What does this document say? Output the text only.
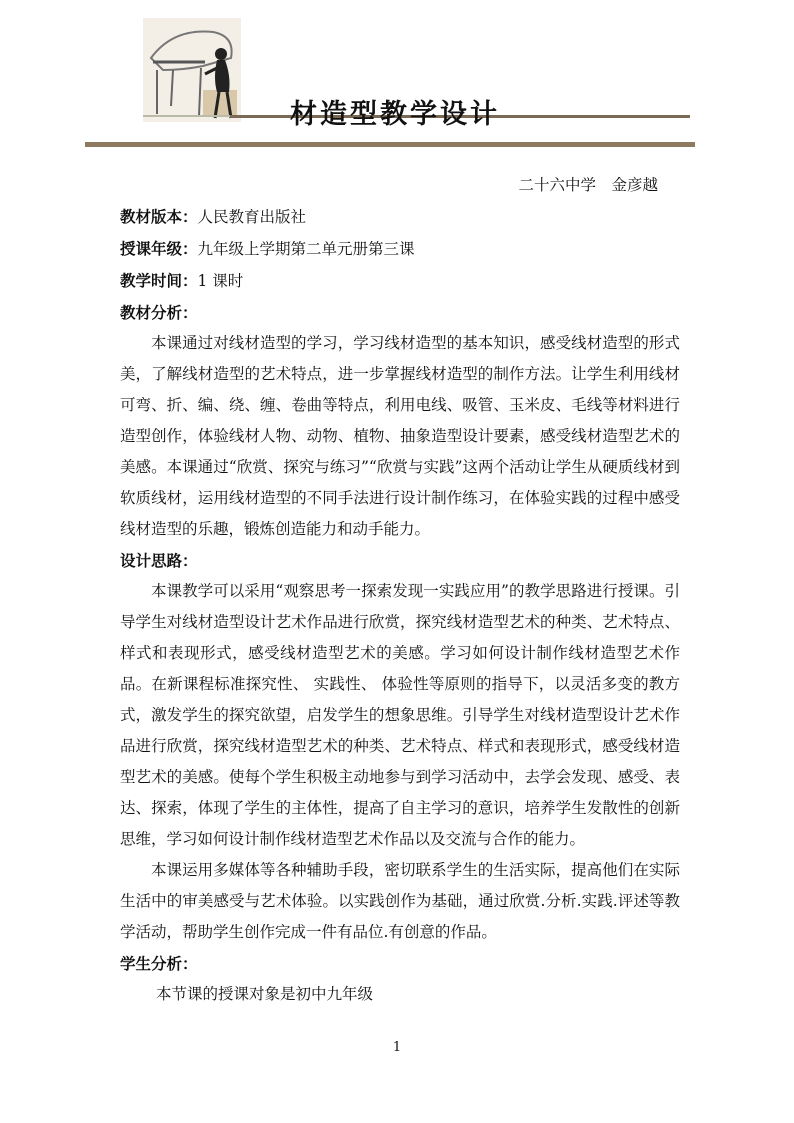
材造型教学设计
二十六中学　金彦越
教材版本：人民教育出版社
授课年级：九年级上学期第二单元册第三课
教学时间：1 课时
教材分析：
本课通过对线材造型的学习，学习线材造型的基本知识，感受线材造型的形式美，了解线材造型的艺术特点，进一步掌握线材造型的制作方法。让学生利用线材可弯、折、编、绕、缠、卷曲等特点，利用电线、吸管、玉米皮、毛线等材料进行造型创作，体验线材人物、动物、植物、抽象造型设计要素，感受线材造型艺术的美感。本课通过“欣赏、探究与练习”“欣赏与实践”这两个活动让学生从硬质线材到软质线材，运用线材造型的不同手法进行设计制作练习，在体验实践的过程中感受线材造型的乐趣，锻炼创造能力和动手能力。
设计思路：
本课教学可以采用“观察思考一探索发现一实践应用”的教学思路进行授课。引导学生对线材造型设计艺术作品进行欣赏，探究线材造型艺术的种类、艺术特点、样式和表现形式，感受线材造型艺术的美感。学习如何设计制作线材造型艺术作品。在新课程标准探究性、 实践性、 体验性等原则的指导下，以灵活多变的教方式，激发学生的探究欲望，启发学生的想象思维。引导学生对线材造型设计艺术作品进行欣赏，探究线材造型艺术的种类、艺术特点、样式和表现形式，感受线材造型艺术的美感。使每个学生积极主动地参与到学习活动中，去学会发现、感受、表达、探索，体现了学生的主体性，提高了自主学习的意识，培养学生发散性的创新思维，学习如何设计制作线材造型艺术作品以及交流与合作的能力。
本课运用多媒体等各种辅助手段，密切联系学生的生活实际，提高他们在实际生活中的审美感受与艺术体验。以实践创作为基础，通过欣赏.分析.实践.评述等教学活动，帮助学生创作完成一件有品位.有创意的作品。
学生分析：
本节课的授课对象是初中九年级
1
